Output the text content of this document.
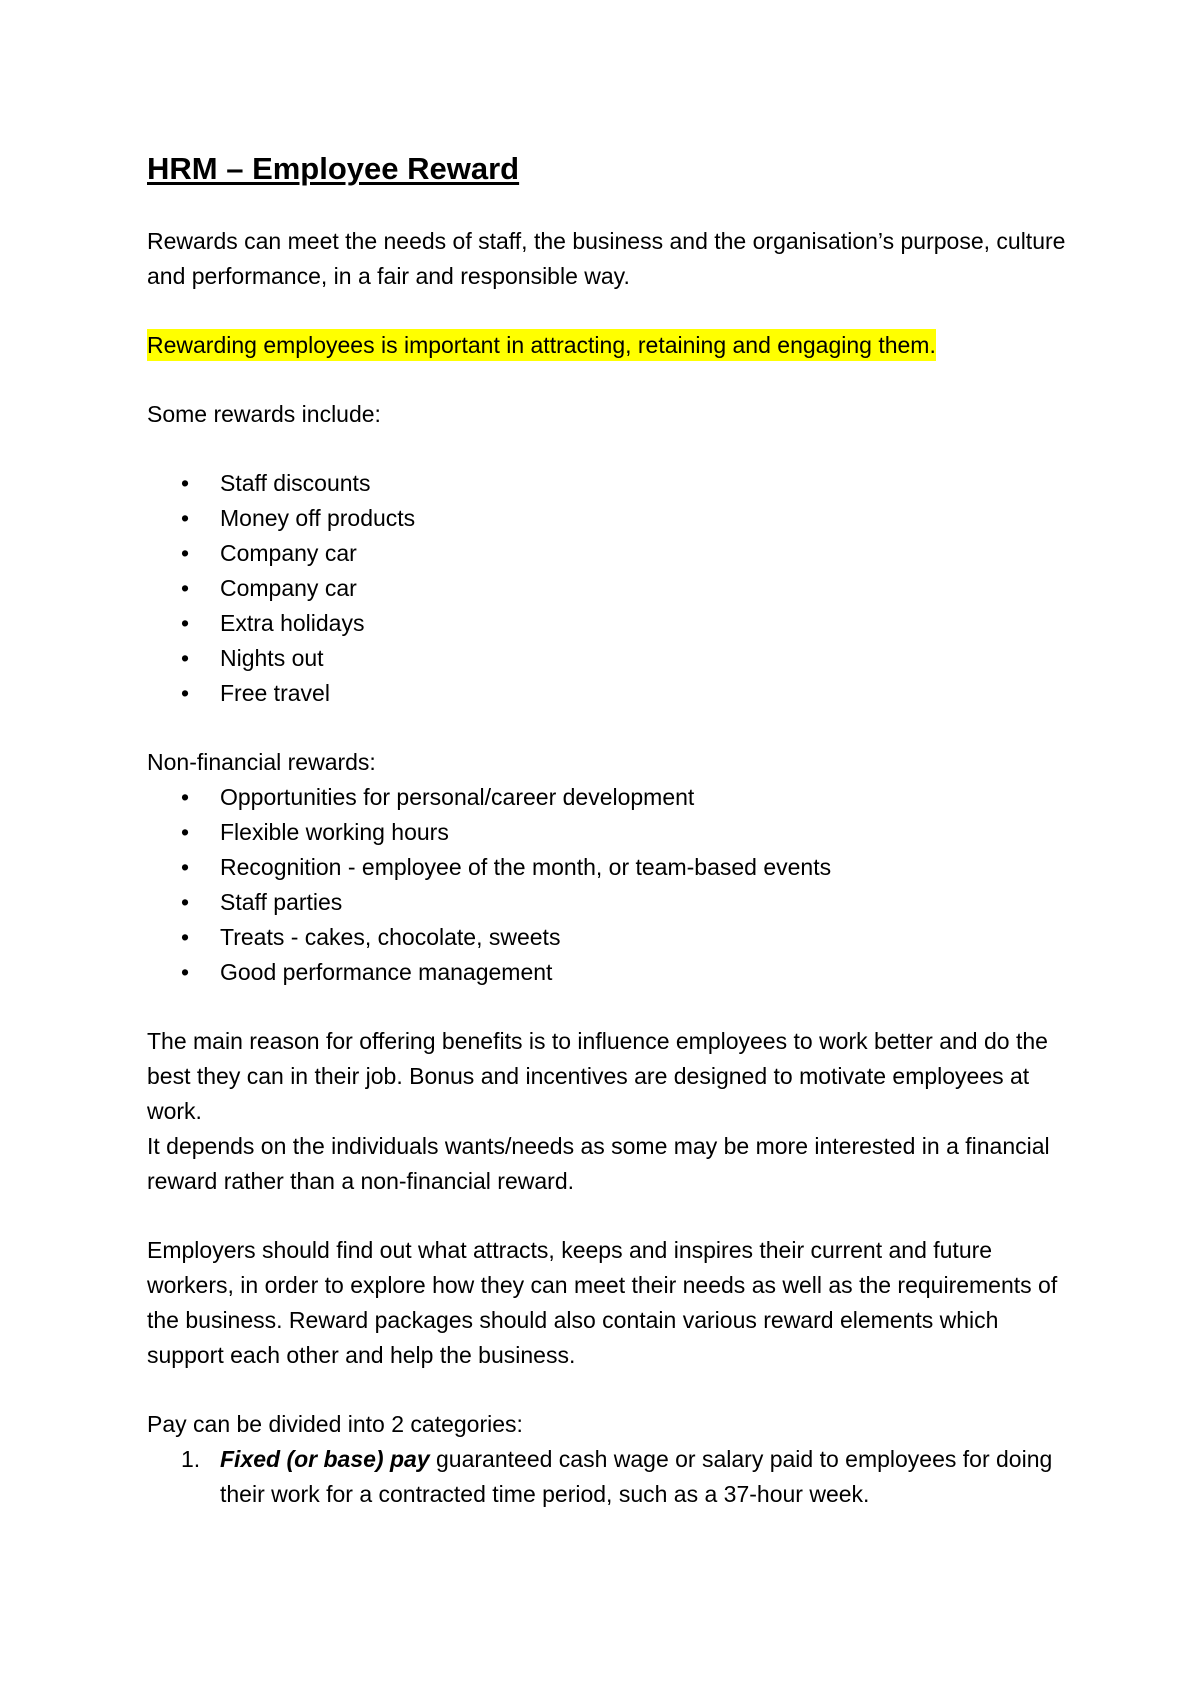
HRM – Employee Reward

Rewards can meet the needs of staff, the business and the organisation’s purpose, culture and performance, in a fair and responsible way.

Rewarding employees is important in attracting, retaining and engaging them.

Some rewards include:

• Staff discounts
• Money off products
• Company car
• Company car
• Extra holidays
• Nights out
• Free travel

Non-financial rewards:

• Opportunities for personal/career development
• Flexible working hours
• Recognition - employee of the month, or team-based events
• Staff parties
• Treats - cakes, chocolate, sweets
• Good performance management

The main reason for offering benefits is to influence employees to work better and do the best they can in their job. Bonus and incentives are designed to motivate employees at work.

It depends on the individuals wants/needs as some may be more interested in a financial reward rather than a non-financial reward.

Employers should find out what attracts, keeps and inspires their current and future workers, in order to explore how they can meet their needs as well as the requirements of the business. Reward packages should also contain various reward elements which support each other and help the business.

Pay can be divided into 2 categories:

1. Fixed (or base) pay guaranteed cash wage or salary paid to employees for doing their work for a contracted time period, such as a 37-hour week.
